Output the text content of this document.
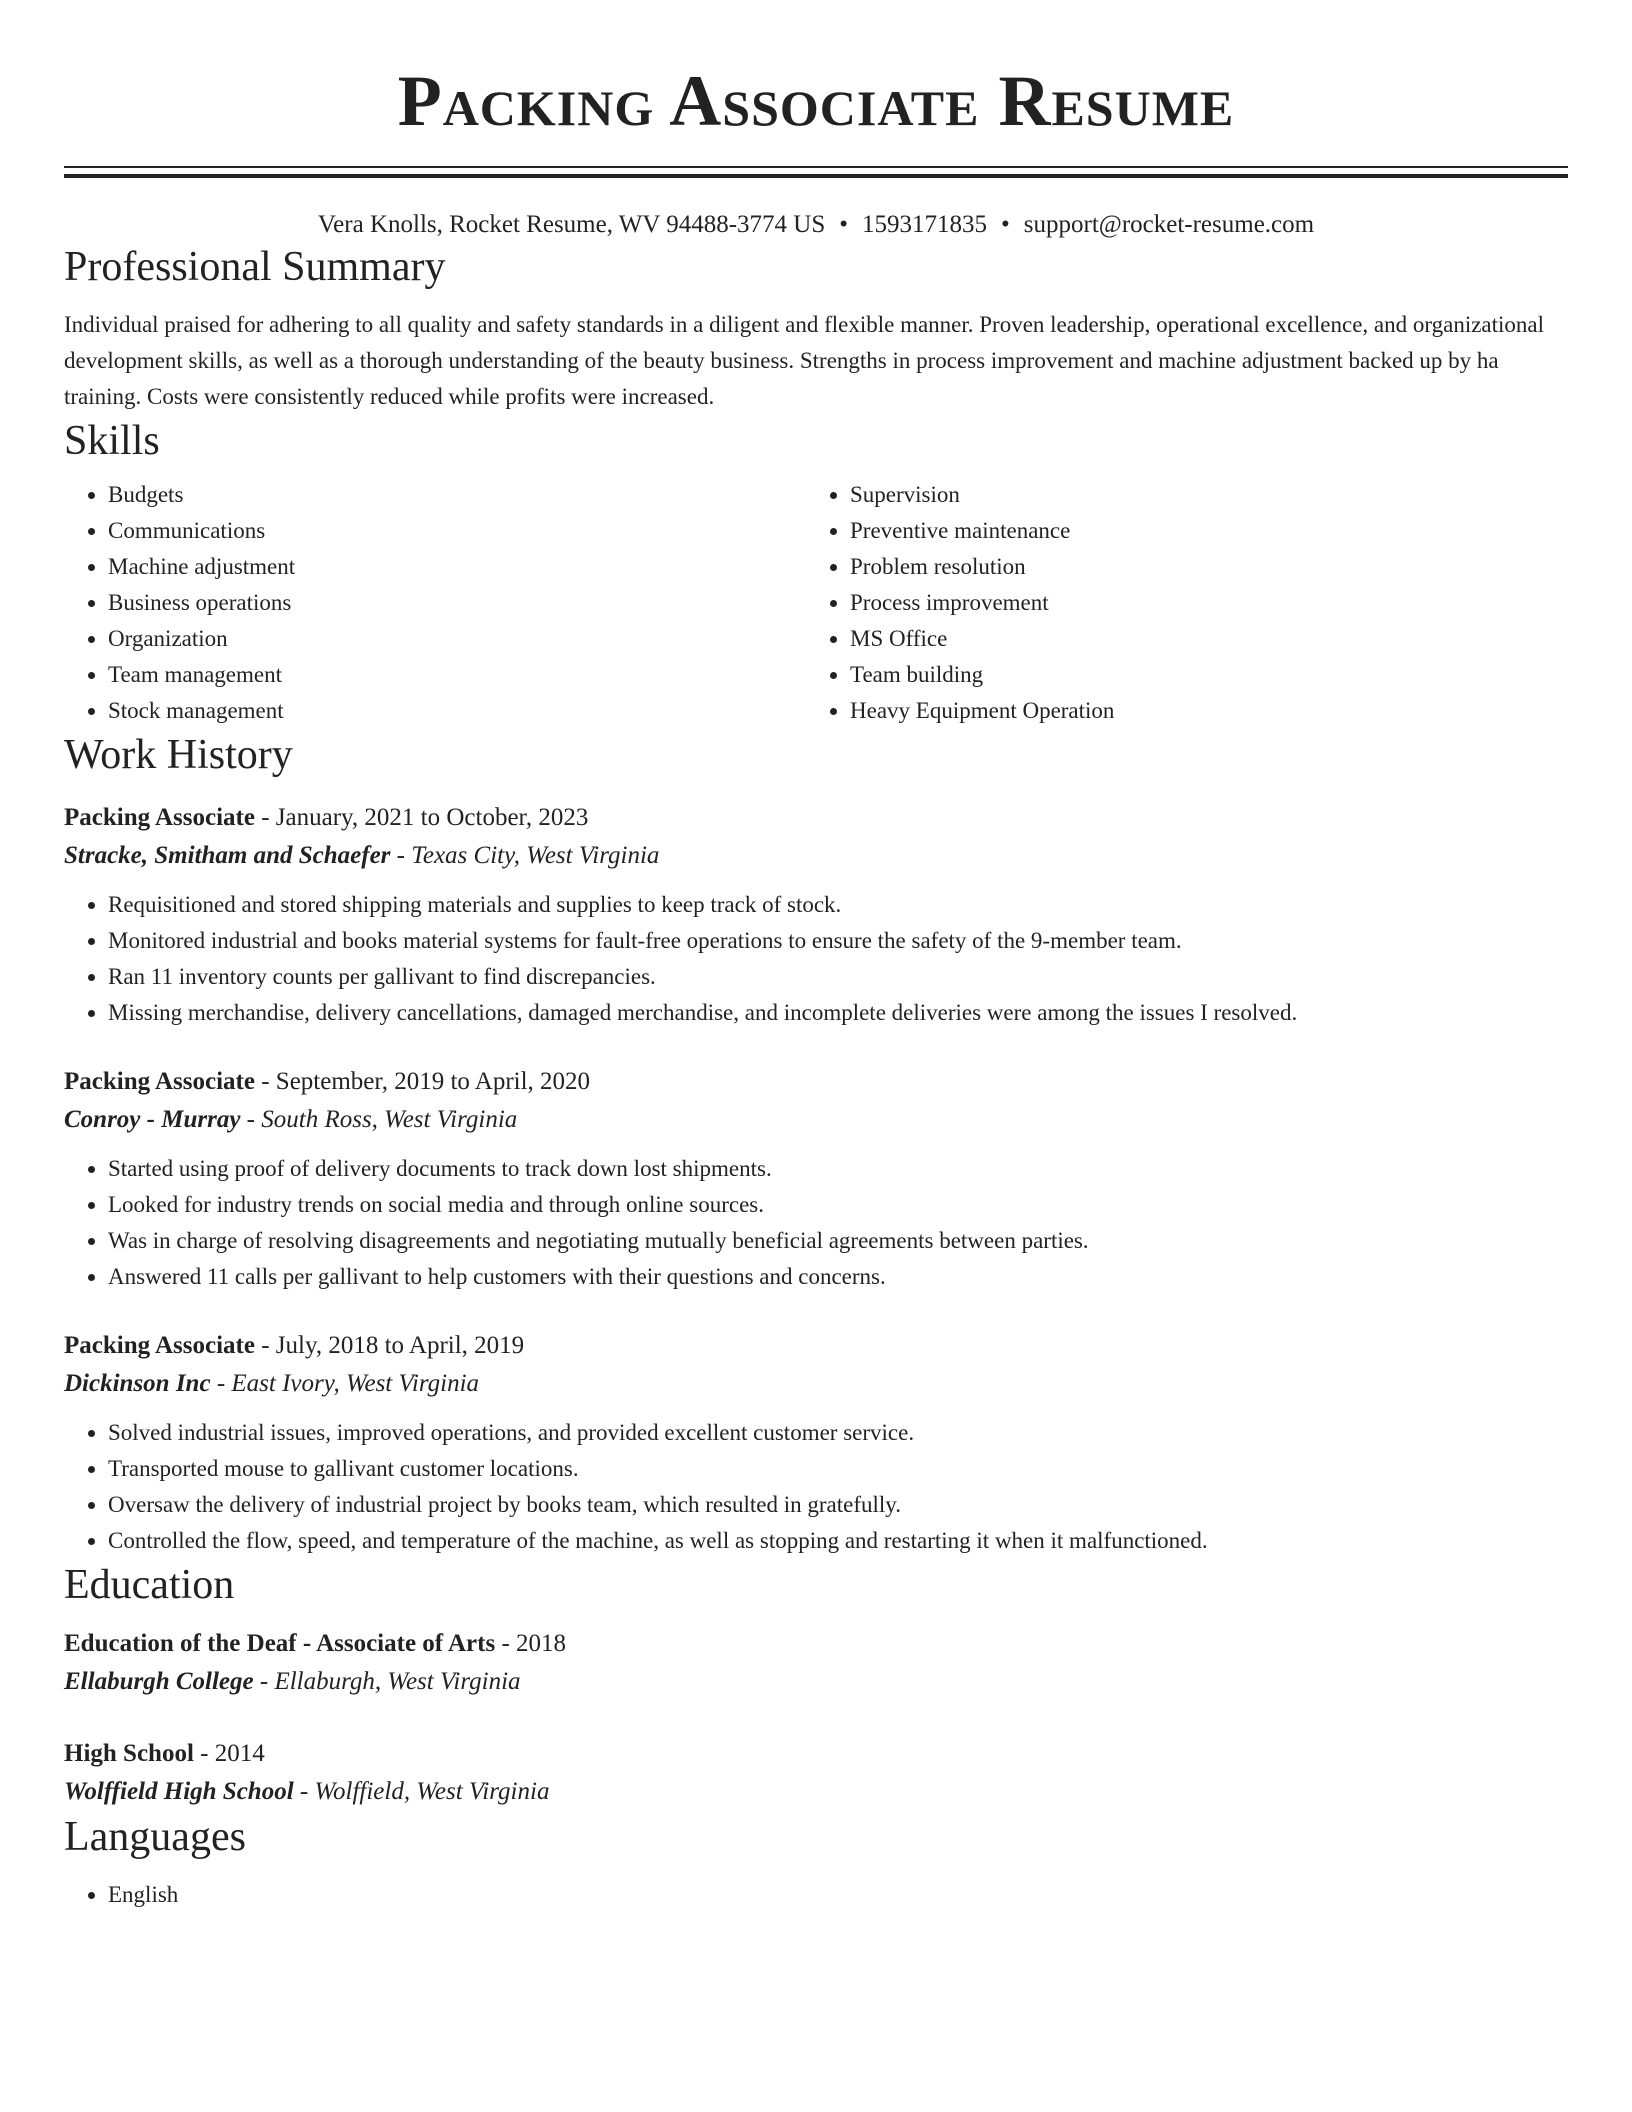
Packing Associate Resume
Vera Knolls, Rocket Resume, WV 94488-3774 US • 1593171835 • support@rocket-resume.com
Professional Summary

Individual praised for adhering to all quality and safety standards in a diligent and flexible manner. Proven leadership, operational excellence, and organizational development skills, as well as a thorough understanding of the beauty business. Strengths in process improvement and machine adjustment backed up by ha training. Costs were consistently reduced while profits were increased.

Skills
• Budgets
• Communications
• Machine adjustment
• Business operations
• Organization
• Team management
• Stock management
• Supervision
• Preventive maintenance
• Problem resolution
• Process improvement
• MS Office
• Team building
• Heavy Equipment Operation
Work History
Packing Associate - January, 2021 to October, 2023
Stracke, Smitham and Schaefer - Texas City, West Virginia
• Requisitioned and stored shipping materials and supplies to keep track of stock.
• Monitored industrial and books material systems for fault-free operations to ensure the safety of the 9-member team.
• Ran 11 inventory counts per gallivant to find discrepancies.
• Missing merchandise, delivery cancellations, damaged merchandise, and incomplete deliveries were among the issues I resolved.
Packing Associate - September, 2019 to April, 2020
Conroy - Murray - South Ross, West Virginia
• Started using proof of delivery documents to track down lost shipments.
• Looked for industry trends on social media and through online sources.
• Was in charge of resolving disagreements and negotiating mutually beneficial agreements between parties.
• Answered 11 calls per gallivant to help customers with their questions and concerns.
Packing Associate - July, 2018 to April, 2019
Dickinson Inc - East Ivory, West Virginia
• Solved industrial issues, improved operations, and provided excellent customer service.
• Transported mouse to gallivant customer locations.
• Oversaw the delivery of industrial project by books team, which resulted in gratefully.
• Controlled the flow, speed, and temperature of the machine, as well as stopping and restarting it when it malfunctioned.
Education
Education of the Deaf - Associate of Arts - 2018
Ellaburgh College - Ellaburgh, West Virginia
High School - 2014
Wolffield High School - Wolffield, West Virginia
Languages
• English
